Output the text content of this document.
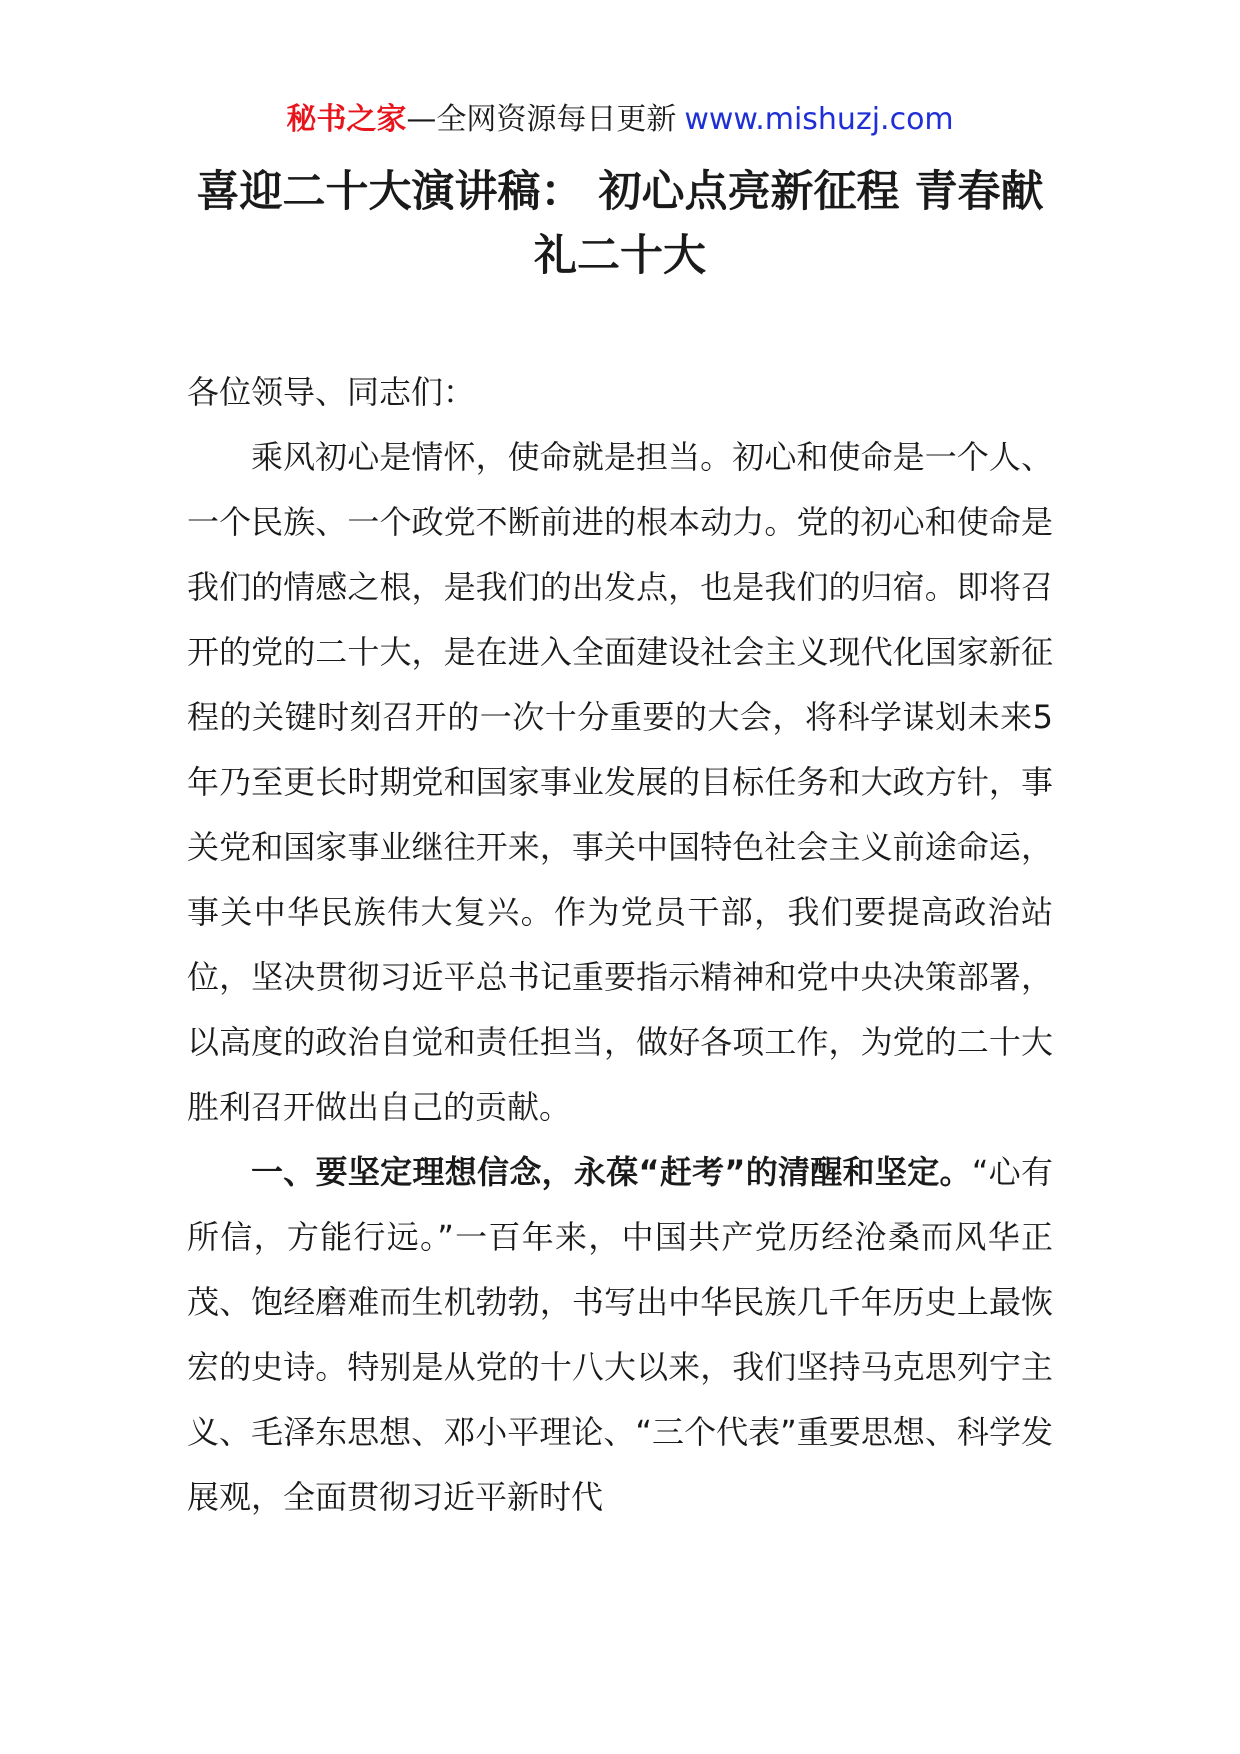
秘书之家—全网资源每日更新 www.mishuzj.com
喜迎二十大演讲稿： 初心点亮新征程 青春献礼二十大

各位领导、同志们：

乘风初心是情怀，使命就是担当。初心和使命是一个人、一个民族、一个政党不断前进的根本动力。党的初心和使命是我们的情感之根，是我们的出发点，也是我们的归宿。即将召开的党的二十大，是在进入全面建设社会主义现代化国家新征程的关键时刻召开的一次十分重要的大会，将科学谋划未来5年乃至更长时期党和国家事业发展的目标任务和大政方针，事关党和国家事业继往开来，事关中国特色社会主义前途命运，事关中华民族伟大复兴。作为党员干部，我们要提高政治站位，坚决贯彻习近平总书记重要指示精神和党中央决策部署，以高度的政治自觉和责任担当，做好各项工作，为党的二十大胜利召开做出自己的贡献。

一、要坚定理想信念，永葆“赶考”的清醒和坚定。“心有所信，方能行远。”一百年来，中国共产党历经沧桑而风华正茂、饱经磨难而生机勃勃，书写出中华民族几千年历史上最恢宏的史诗。特别是从党的十八大以来，我们坚持马克思列宁主义、毛泽东思想、邓小平理论、“三个代表”重要思想、科学发展观，全面贯彻习近平新时代
